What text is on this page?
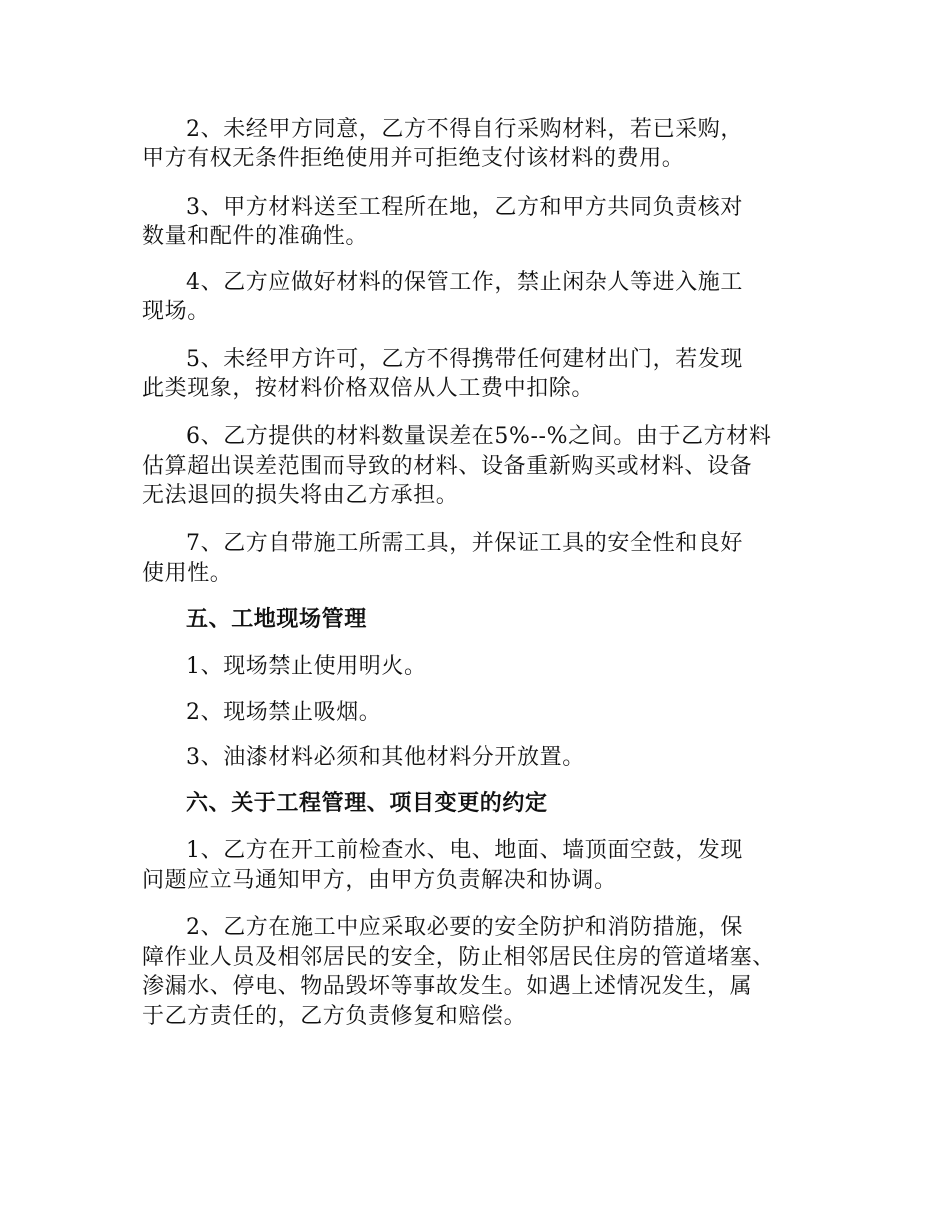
2、未经甲方同意，乙方不得自行采购材料，若已采购，
甲方有权无条件拒绝使用并可拒绝支付该材料的费用。
3、甲方材料送至工程所在地，乙方和甲方共同负责核对
数量和配件的准确性。
4、乙方应做好材料的保管工作，禁止闲杂人等进入施工
现场。
5、未经甲方许可，乙方不得携带任何建材出门，若发现
此类现象，按材料价格双倍从人工费中扣除。
6、乙方提供的材料数量误差在5%--%之间。由于乙方材料
估算超出误差范围而导致的材料、设备重新购买或材料、设备
无法退回的损失将由乙方承担。
7、乙方自带施工所需工具，并保证工具的安全性和良好
使用性。
五、工地现场管理
1、现场禁止使用明火。
2、现场禁止吸烟。
3、油漆材料必须和其他材料分开放置。
六、关于工程管理、项目变更的约定
1、乙方在开工前检查水、电、地面、墙顶面空鼓，发现
问题应立马通知甲方，由甲方负责解决和协调。
2、乙方在施工中应采取必要的安全防护和消防措施，保
障作业人员及相邻居民的安全，防止相邻居民住房的管道堵塞、
渗漏水、停电、物品毁坏等事故发生。如遇上述情况发生，属
于乙方责任的，乙方负责修复和赔偿。
